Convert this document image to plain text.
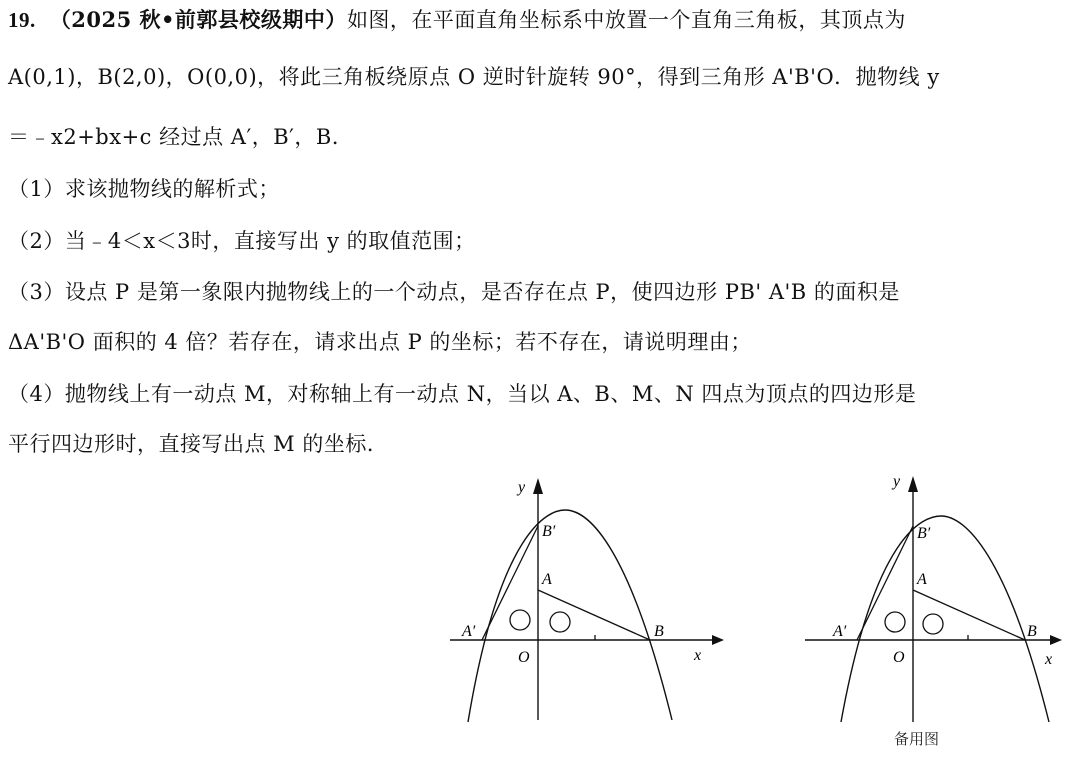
19. （2025 秋•前郭县校级期中）如图，在平面直角坐标系中放置一个直角三角板，其顶点为
A(0,1)，B(2,0)，O(0,0)，将此三角板绕原点 O 逆时针旋转 90°，得到三角形 A'B'O．抛物线 y
＝﹣x2+bx+c 经过点 A′，B′，B．
（1）求该抛物线的解析式；
（2）当﹣4＜x＜3时，直接写出 y 的取值范围；
（3）设点 P 是第一象限内抛物线上的一个动点，是否存在点 P，使四边形 PB' A'B 的面积是
ΔA'B'O 面积的 4 倍？若存在，请求出点 P 的坐标；若不存在，请说明理由；
（4）抛物线上有一动点 M，对称轴上有一动点 N，当以 A、B、M、N 四点为顶点的四边形是
平行四边形时，直接写出点 M 的坐标．
y
x
O
A
B
A′
B′
y
x
O
A
B
A′
B′
备用图
